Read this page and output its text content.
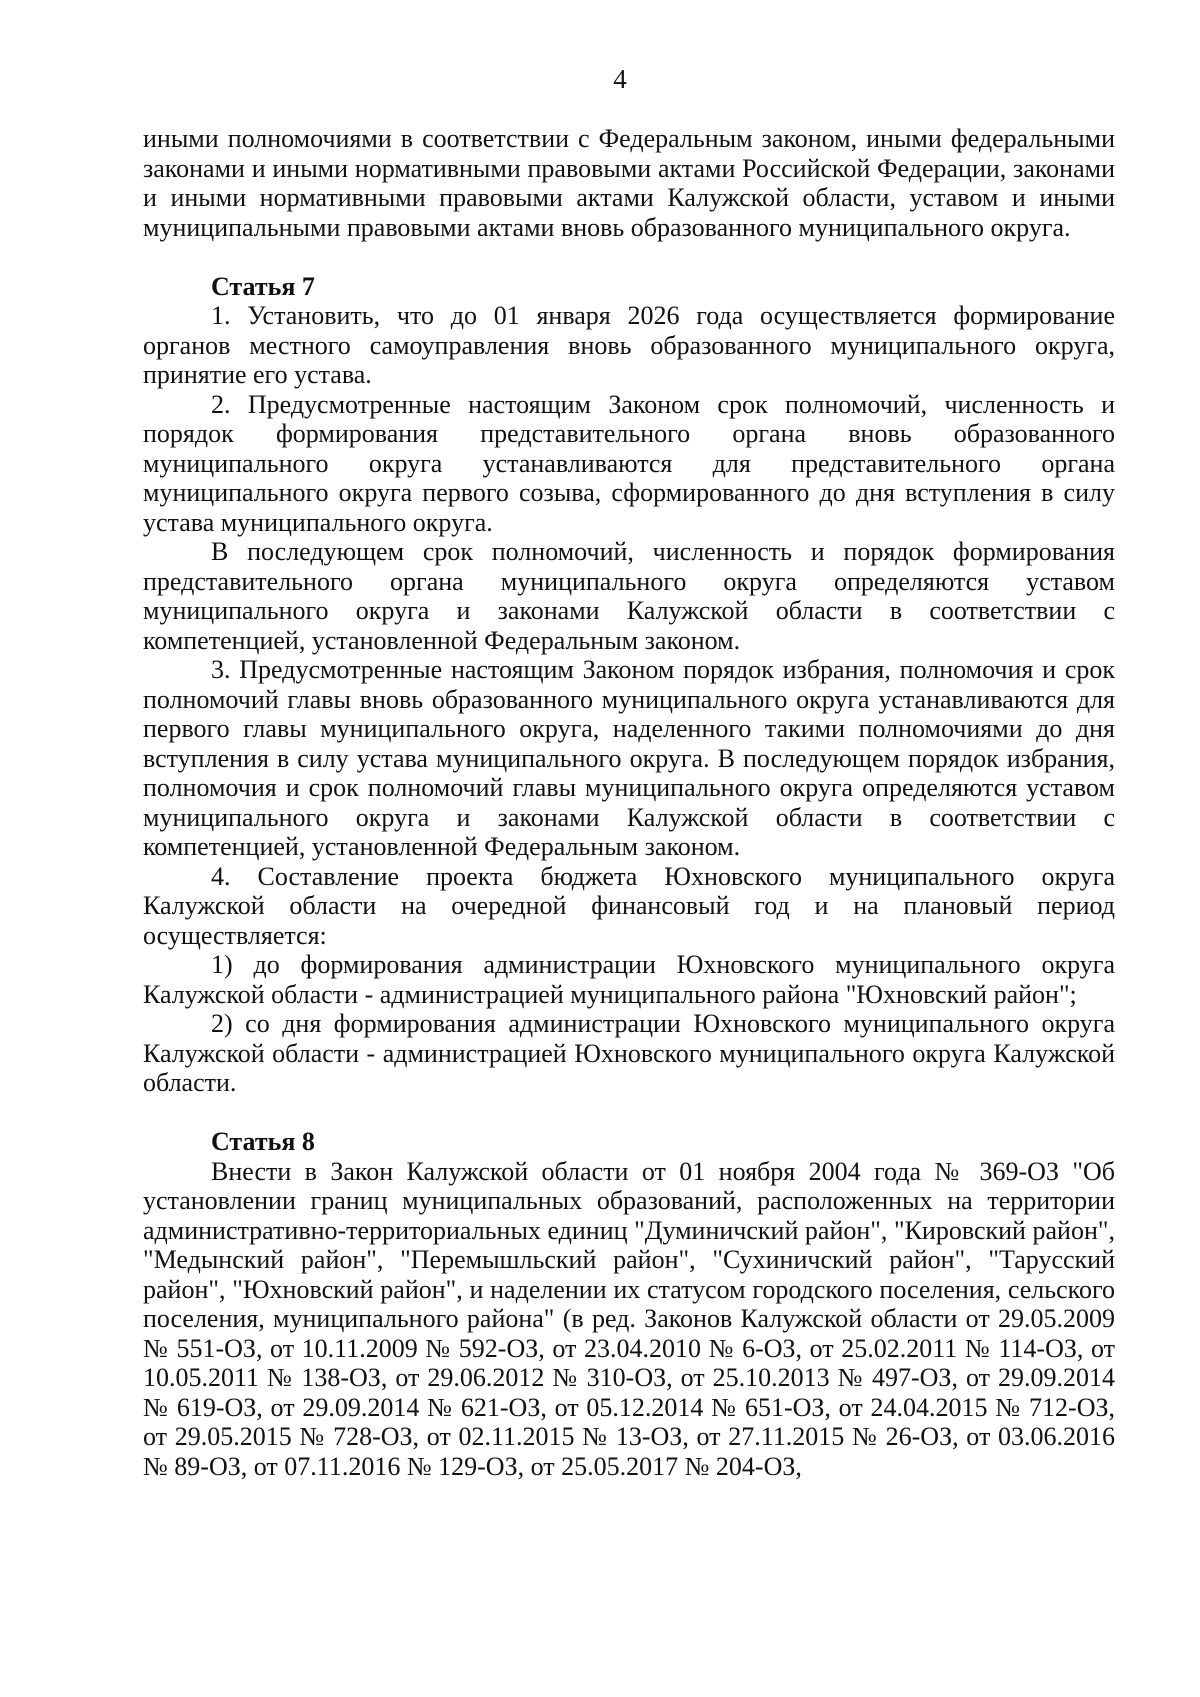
4

иными полномочиями в соответствии с Федеральным законом, иными федеральными законами и иными нормативными правовыми актами Российской Федерации, законами и иными нормативными правовыми актами Калужской области, уставом и иными муниципальными правовыми актами вновь образованного муниципального округа.

Статья 7

1. Установить, что до 01 января 2026 года осуществляется формирование органов местного самоуправления вновь образованного муниципального округа, принятие его устава.

2. Предусмотренные настоящим Законом срок полномочий, численность и порядок формирования представительного органа вновь образованного муниципального округа устанавливаются для представительного органа муниципального округа первого созыва, сформированного до дня вступления в силу устава муниципального округа.

В последующем срок полномочий, численность и порядок формирования представительного органа муниципального округа определяются уставом муниципального округа и законами Калужской области в соответствии с компетенцией, установленной Федеральным законом.

3. Предусмотренные настоящим Законом порядок избрания, полномочия и срок полномочий главы вновь образованного муниципального округа устанавливаются для первого главы муниципального округа, наделенного такими полномочиями до дня вступления в силу устава муниципального округа. В последующем порядок избрания, полномочия и срок полномочий главы муниципального округа определяются уставом муниципального округа и законами Калужской области в соответствии с компетенцией, установленной Федеральным законом.

4. Составление проекта бюджета Юхновского муниципального округа Калужской области на очередной финансовый год и на плановый период осуществляется:

1) до формирования администрации Юхновского муниципального округа Калужской области - администрацией муниципального района "Юхновский район";

2) со дня формирования администрации Юхновского муниципального округа Калужской области - администрацией Юхновского муниципального округа Калужской области.

Статья 8

Внести в Закон Калужской области от 01 ноября 2004 года № 369-ОЗ "Об установлении границ муниципальных образований, расположенных на территории административно-территориальных единиц "Думиничский район", "Кировский район", "Медынский район", "Перемышльский район", "Сухиничский район", "Тарусский район", "Юхновский район", и наделении их статусом городского поселения, сельского поселения, муниципального района" (в ред. Законов Калужской области от 29.05.2009 № 551-ОЗ, от 10.11.2009 № 592-ОЗ, от 23.04.2010 № 6-ОЗ, от 25.02.2011 № 114-ОЗ, от 10.05.2011 № 138-ОЗ, от 29.06.2012 № 310-ОЗ, от 25.10.2013 № 497-ОЗ, от 29.09.2014 № 619-ОЗ, от 29.09.2014 № 621-ОЗ, от 05.12.2014 № 651-ОЗ, от 24.04.2015 № 712-ОЗ, от 29.05.2015 № 728-ОЗ, от 02.11.2015 № 13-ОЗ, от 27.11.2015 № 26-ОЗ, от 03.06.2016 № 89-ОЗ, от 07.11.2016 № 129-ОЗ, от 25.05.2017 № 204-ОЗ,
